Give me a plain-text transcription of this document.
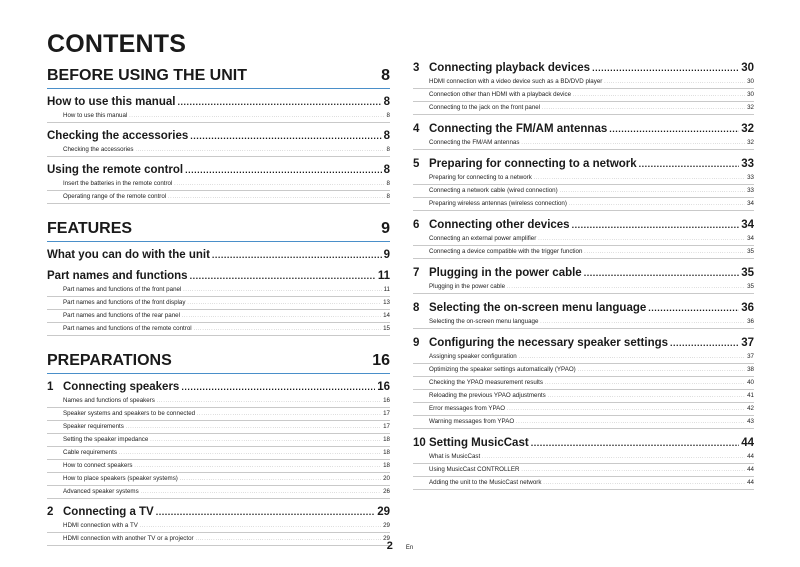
CONTENTS
BEFORE USING THE UNIT	8
How to use this manual . . .	8
How to use this manual . . .	8
Checking the accessories . . .	8
Checking the accessories . . .	8
Using the remote control . . .	8
Insert the batteries in the remote control . . .	8
Operating range of the remote control . . .	8
FEATURES	9
What you can do with the unit . . .	9
Part names and functions . . .	11
Part names and functions of the front panel . . .	11
Part names and functions of the front display . . .	13
Part names and functions of the rear panel . . .	14
Part names and functions of the remote control . . .	15
PREPARATIONS	16
1 Connecting speakers . . .	16
Names and functions of speakers . . .	16
Speaker systems and speakers to be connected . . .	17
Speaker requirements . . .	17
Setting the speaker impedance . . .	18
Cable requirements . . .	18
How to connect speakers . . .	18
How to place speakers (speaker systems) . . .	20
Advanced speaker systems . . .	26
2 Connecting a TV . . .	29
HDMI connection with a TV . . .	29
HDMI connection with another TV or a projector . . .	29
3 Connecting playback devices . . .	30
HDMI connection with a video device such as a BD/DVD player . . .	30
Connection other than HDMI with a playback device . . .	30
Connecting to the jack on the front panel . . .	32
4 Connecting the FM/AM antennas . . .	32
Connecting the FM/AM antennas . . .	32
5 Preparing for connecting to a network . . .	33
Preparing for connecting to a network . . .	33
Connecting a network cable (wired connection) . . .	33
Preparing wireless antennas (wireless connection) . . .	34
6 Connecting other devices . . .	34
Connecting an external power amplifier . . .	34
Connecting a device compatible with the trigger function . . .	35
7 Plugging in the power cable . . .	35
Plugging in the power cable . . .	35
8 Selecting the on-screen menu language . . .	36
Selecting the on-screen menu language . . .	36
9 Configuring the necessary speaker settings . . .	37
Assigning speaker configuration . . .	37
Optimizing the speaker settings automatically (YPAO) . . .	38
Checking the YPAO measurement results . . .	40
Reloading the previous YPAO adjustments . . .	41
Error messages from YPAO . . .	42
Warning messages from YPAO . . .	43
10 Setting MusicCast . . .	44
What is MusicCast . . .	44
Using MusicCast CONTROLLER . . .	44
Adding the unit to the MusicCast network . . .	44
2 En
